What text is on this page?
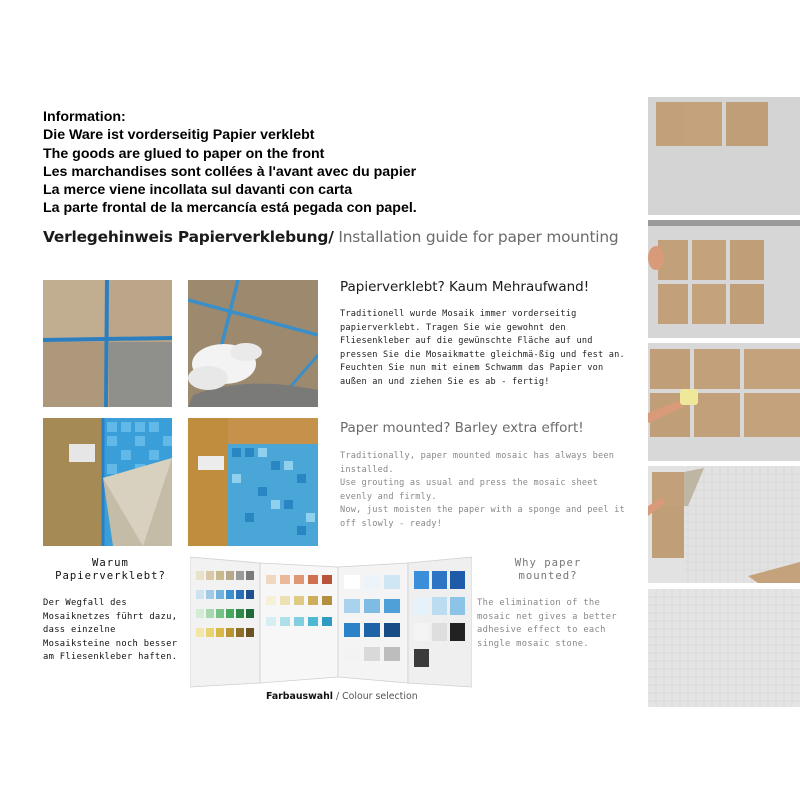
Information:
Die Ware ist vorderseitig Papier verklebt
The goods are glued to paper on the front
Les marchandises sont collées à l'avant avec du papier
La merce viene incollata sul davanti con carta
La parte frontal de la mercancía está pegada con papel.
Verlegehinweis Papierverklebung/ Installation guide for paper mounting
Papierverklebt? Kaum Mehraufwand!
Traditionell wurde Mosaik immer vorderseitig papierverklebt. Tragen Sie wie gewohnt den Fliesenkleber auf die gewünschte Fläche auf und pressen Sie die Mosaikmatte gleichmä-ßig und fest an. Feuchten Sie nun mit einem Schwamm das Papier von außen an und ziehen Sie es ab - fertig!
Paper mounted? Barley extra effort!
Traditionally, paper mounted mosaic has always been installed.
Use grouting as usual and press the mosaic sheet evenly and firmly.
Now, just moisten the paper with a sponge and peel it off slowly - ready!
Warum
Papierverklebt?
Der Wegfall des Mosaiknetzes führt dazu, dass einzelne Mosaiksteine noch besser am Fliesenkleber haften.
Farbauswahl / Colour selection
Why paper
mounted?
The elimination of the mosaic net gives a better adhesive effect to each single mosaic stone.
